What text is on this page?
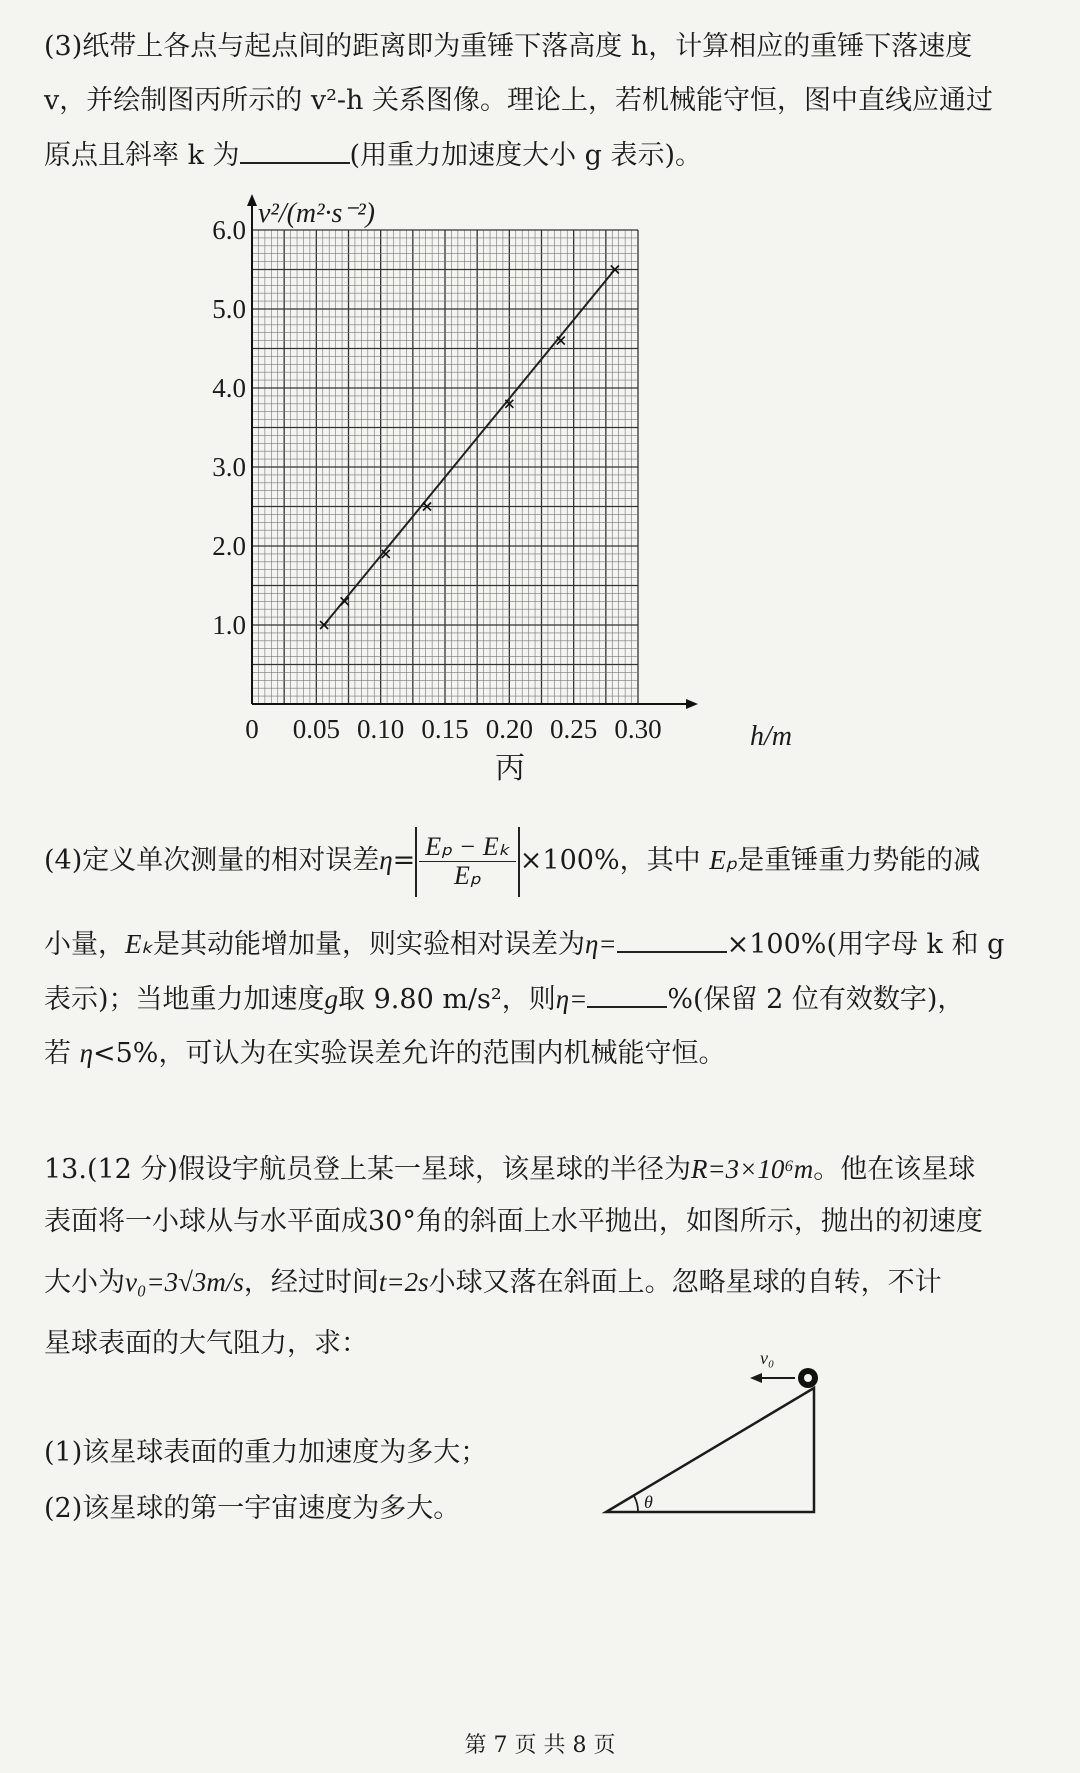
(3)纸带上各点与起点间的距离即为重锤下落高度 h，计算相应的重锤下落速度
v，并绘制图丙所示的 v²-h 关系图像。理论上，若机械能守恒，图中直线应通过
原点且斜率 k 为	(用重力加速度大小 g 表示)。
1.0
2.0
3.0
4.0
5.0
6.0
0 0.05 0.10 0.15 0.20 0.25 0.30
v²/(m²·s⁻²)
h/m
丙
(4)定义单次测量的相对误差$\eta= \frac{\text{Eₚ − Eₖ}}{\text{Eₚ}} \times 100\%$，其中 Eₚ是重锤重力势能的减
小量，Eₖ是其动能增加量，则实验相对误差为η=	×100%(用字母 k 和 g
表示)；当地重力加速度g取 9.80 m/s²，则η=	%(保留 2 位有效数字)，
若 η<5%，可认为在实验误差允许的范围内机械能守恒。
13.(12 分)假设宇航员登上某一星球，该星球的半径为R=3×10⁶m。他在该星球
表面将一小球从与水平面成30°角的斜面上水平抛出，如图所示，抛出的初速度
大小为v₀=3√3m/s，经过时间t=2s小球又落在斜面上。忽略星球的自转，不计
星球表面的大气阻力，求：
(1)该星球表面的重力加速度为多大；
(2)该星球的第一宇宙速度为多大。	θ
v₀
第 7 页 共 8 页
